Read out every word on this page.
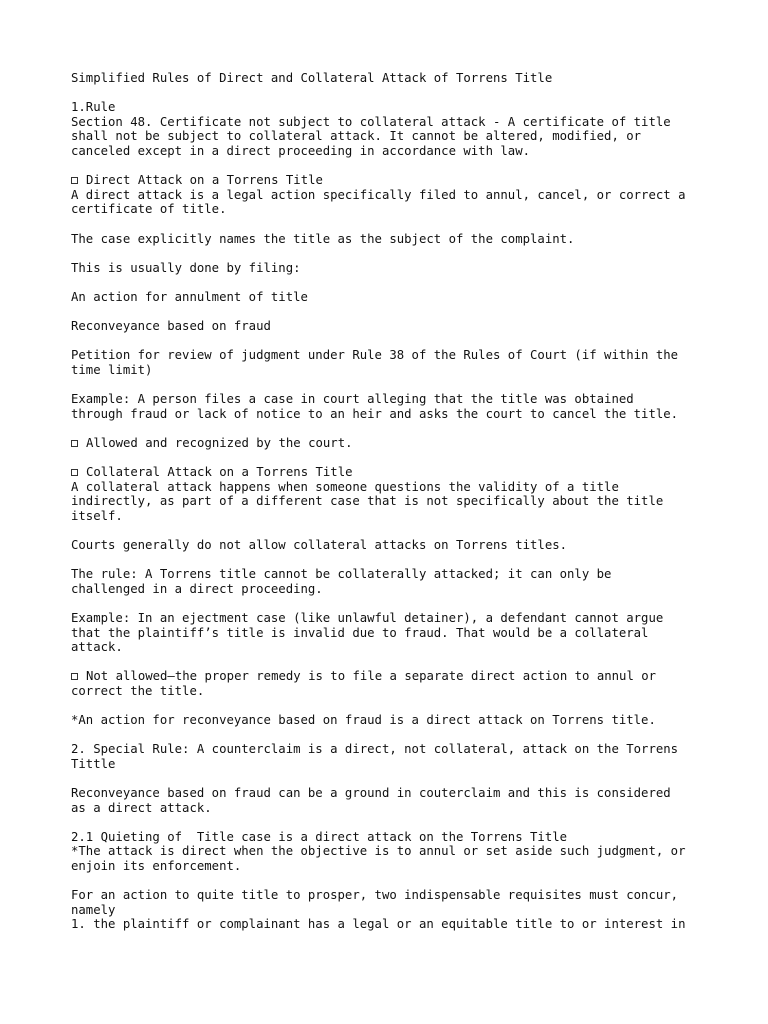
Simplified Rules of Direct and Collateral Attack of Torrens Title
1.Rule
Section 48. Certificate not subject to collateral attack - A certificate of title
shall not be subject to collateral attack. It cannot be altered, modified, or
canceled except in a direct proceeding in accordance with law.
Direct Attack on a Torrens Title
A direct attack is a legal action specifically filed to annul, cancel, or correct a
certificate of title.
The case explicitly names the title as the subject of the complaint.
This is usually done by filing:
An action for annulment of title
Reconveyance based on fraud
Petition for review of judgment under Rule 38 of the Rules of Court (if within the
time limit)
Example: A person files a case in court alleging that the title was obtained
through fraud or lack of notice to an heir and asks the court to cancel the title.
Allowed and recognized by the court.
Collateral Attack on a Torrens Title
A collateral attack happens when someone questions the validity of a title
indirectly, as part of a different case that is not specifically about the title
itself.
Courts generally do not allow collateral attacks on Torrens titles.
The rule: A Torrens title cannot be collaterally attacked; it can only be
challenged in a direct proceeding.
Example: In an ejectment case (like unlawful detainer), a defendant cannot argue
that the plaintiff’s title is invalid due to fraud. That would be a collateral
attack.
Not allowed—the proper remedy is to file a separate direct action to annul or
correct the title.
*An action for reconveyance based on fraud is a direct attack on Torrens title.
2. Special Rule: A counterclaim is a direct, not collateral, attack on the Torrens
Tittle
Reconveyance based on fraud can be a ground in couterclaim and this is considered
as a direct attack.
2.1 Quieting of  Title case is a direct attack on the Torrens Title
*The attack is direct when the objective is to annul or set aside such judgment, or
enjoin its enforcement.
For an action to quite title to prosper, two indispensable requisites must concur,
namely
1. the plaintiff or complainant has a legal or an equitable title to or interest in
